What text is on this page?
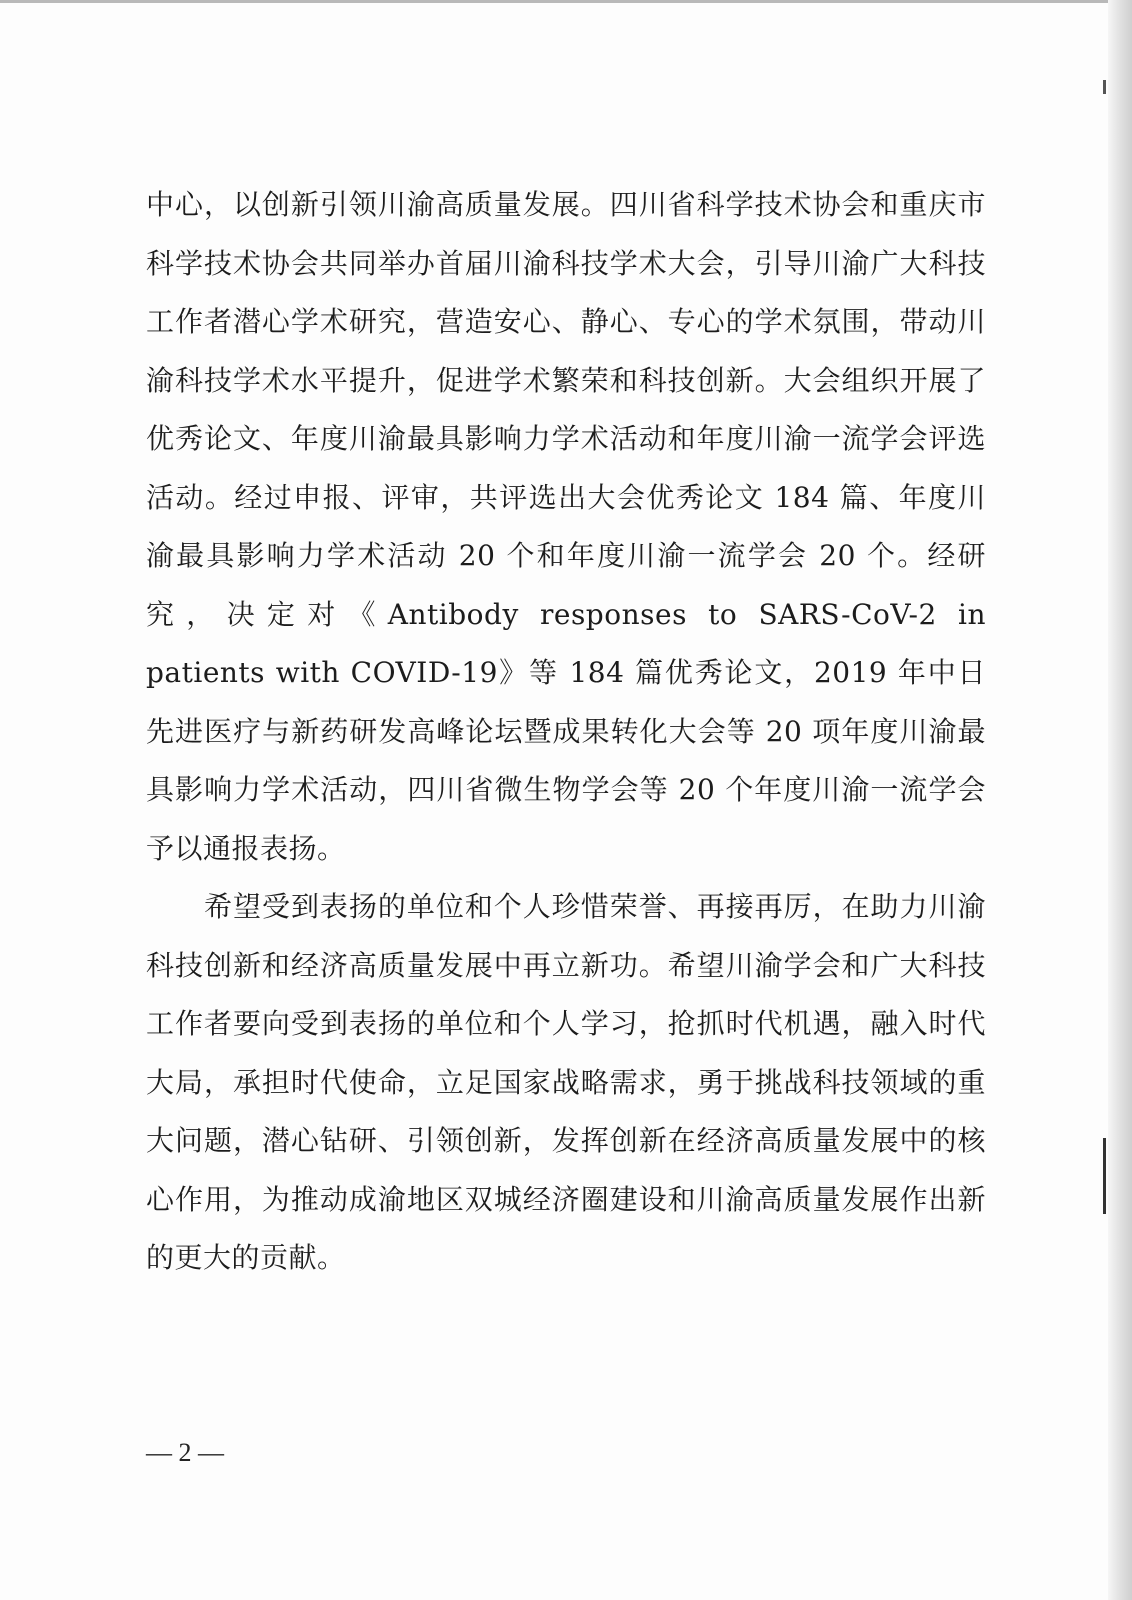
中心，以创新引领川渝高质量发展。四川省科学技术协会和重庆市科学技术协会共同举办首届川渝科技学术大会，引导川渝广大科技工作者潜心学术研究，营造安心、静心、专心的学术氛围，带动川渝科技学术水平提升，促进学术繁荣和科技创新。大会组织开展了优秀论文、年度川渝最具影响力学术活动和年度川渝一流学会评选活动。经过申报、评审，共评选出大会优秀论文 184 篇、年度川渝最具影响力学术活动 20 个和年度川渝一流学会 20 个。经研究，决定对《Antibody responses to SARS-CoV-2 in patients with COVID-19》等 184 篇优秀论文，2019 年中日先进医疗与新药研发高峰论坛暨成果转化大会等 20 项年度川渝最具影响力学术活动，四川省微生物学会等 20 个年度川渝一流学会予以通报表扬。

希望受到表扬的单位和个人珍惜荣誉、再接再厉，在助力川渝科技创新和经济高质量发展中再立新功。希望川渝学会和广大科技工作者要向受到表扬的单位和个人学习，抢抓时代机遇，融入时代大局，承担时代使命，立足国家战略需求，勇于挑战科技领域的重大问题，潜心钻研、引领创新，发挥创新在经济高质量发展中的核心作用，为推动成渝地区双城经济圈建设和川渝高质量发展作出新的更大的贡献。

— 2 —
